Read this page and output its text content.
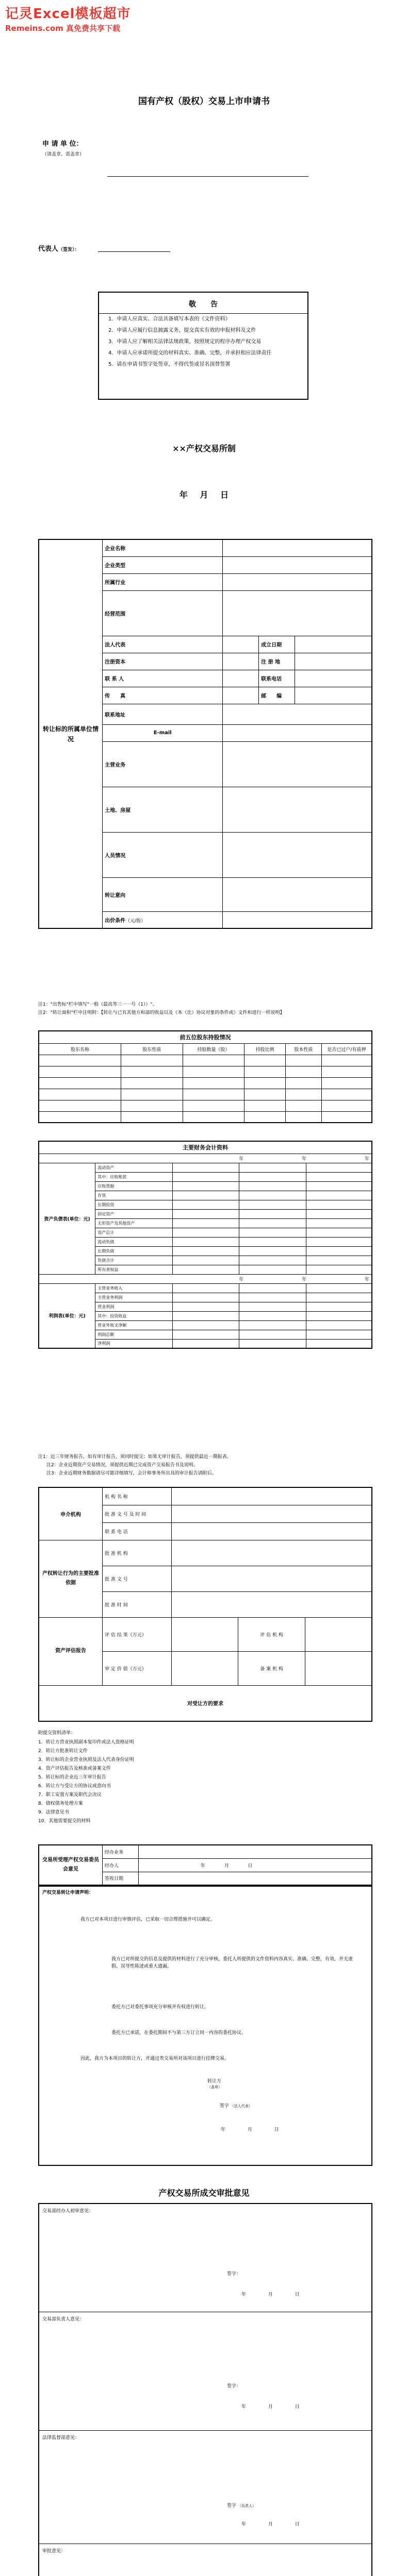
记灵Excel模板超市
Remeins.com 真免费共享下载
国有产权（股权）交易上市申请书
申 请 单 位：
（请盖章、需盖章）
代表人（签发）：
敬　　告

1．申请人应真实、合法具备填写本表的《文件资料》

2．申请人应履行信息披露义务，提交真实有效的申报材料及文件

3．申请人应了解相关法律法规政策，按照规定的程序办理产权交易

4．申请人应承诺所提交的材料真实、准确、完整，并承担相应法律责任

5．请在申请书签字处签章，不得代签或冒名顶替签署

××产权交易所制
年 月 日
转让标的所属单位情况	企业名称			
	企业类型			
	所属行业			
	经营范围			
	法人代表		成立日期	
	注册资本		注 册 地	
	联 系 人		联系电话	
	传　　真		邮　　编	
	联系地址			
	E-mail			
	主营业务			
	土地、房屋			
	人员情况			
	转让意向			
	出价条件（元/股）			
注1："出售标"栏中填写"一般（最高等三一一号（1））"。
注2："转让面积"栏中注明附：【转让与已有其他方和部的收益以及《本（比）协议对象的条件或》文件和进行一样说明】
前五位股东持股情况					
股东名称	股东性质	持股数量（股）	持股比例	股本性质	是否已过户/有质押

主要财务会计资料				
年 年 年				
资产负债表(单位：元)	流动资产			
	其中：应收账款			
	应收票据			
	存货			
	长期投资			
	固定资产			
	无形资产及其他资产			
	资产总计			
	流动负债			
	长期负债			
	负债合计			
	所有者权益			
年 年 年				
利润表(单位：元)	主营业务收入			
	主营业务利润			
	营业利润			
	其中：投资收益			
	营业外收支净额			
	利润总额			
	净利润			
注1：近三年财务报告，如有审计报告，须同时提交；如果无审计报告，须提供最近一期报表。
注2：企业近期资产交易情况，须提供近期已完成资产交易报告书及说明。
注3：企业近期财务数据请尽可能详细填写，会计师事务所出具的审计报告请附后。
申介机构	机 构 名 称			
	批 准 文 号 及 时 间			
	联 系 电 话			
产权转让行为的主要批准依据	批 准 机 构			
	批 准 文 号			
	批 准 时 间			
资产评估报告	评 估 结 果（万元）		评 估 机 构	
	审 定 价 值（万元）		备 案 机 构	
对受让方的要求				
附提交资料清单：
1．转让方营业执照副本复印件或法人资格证明
2．转让方批准转让文件
3．转让标的企业营业执照及法人代表身份证明
4．资产评估报告及核准或备案文件
5．转让标的企业近三年审计报告
6．转让方与受让方的协议或意向书
7．职工安置方案及职代会决议
8．债权债务处理方案
9．法律意见书
10．其他需要提交的材料
交易所受理产权交易委员会意见	经办业务	
	经办人	年 月 日
	签收日期	
产权交易转让申请声明：
我方已对本项目进行审慎评估，已采取一切合理措施并可以确定。
我方已对所提交的信息及提供的材料进行了充分审核，委托人所提供的文件资料内容真实、准确、完整，有效，并无虚假、误导性陈述或重大遗漏。
委托方已对委托事项充分审核并有权进行转让。
委托方已承诺，在委托期间不与第三方订立同一内容的委托协议。
因此，我方为本项目的转让方，并通过贵交易所对该项目进行挂牌交易。
转让方
（盖章）
签字 （法人代表）
年	月	日
产权交易所成交审批意见
交易部经办人初审意见：
签字：
年	月	日
交易部负责人意见：
签字：
年	月	日
法律监督部意见：
签字 （负责人）
年	月	日
审批意见：
